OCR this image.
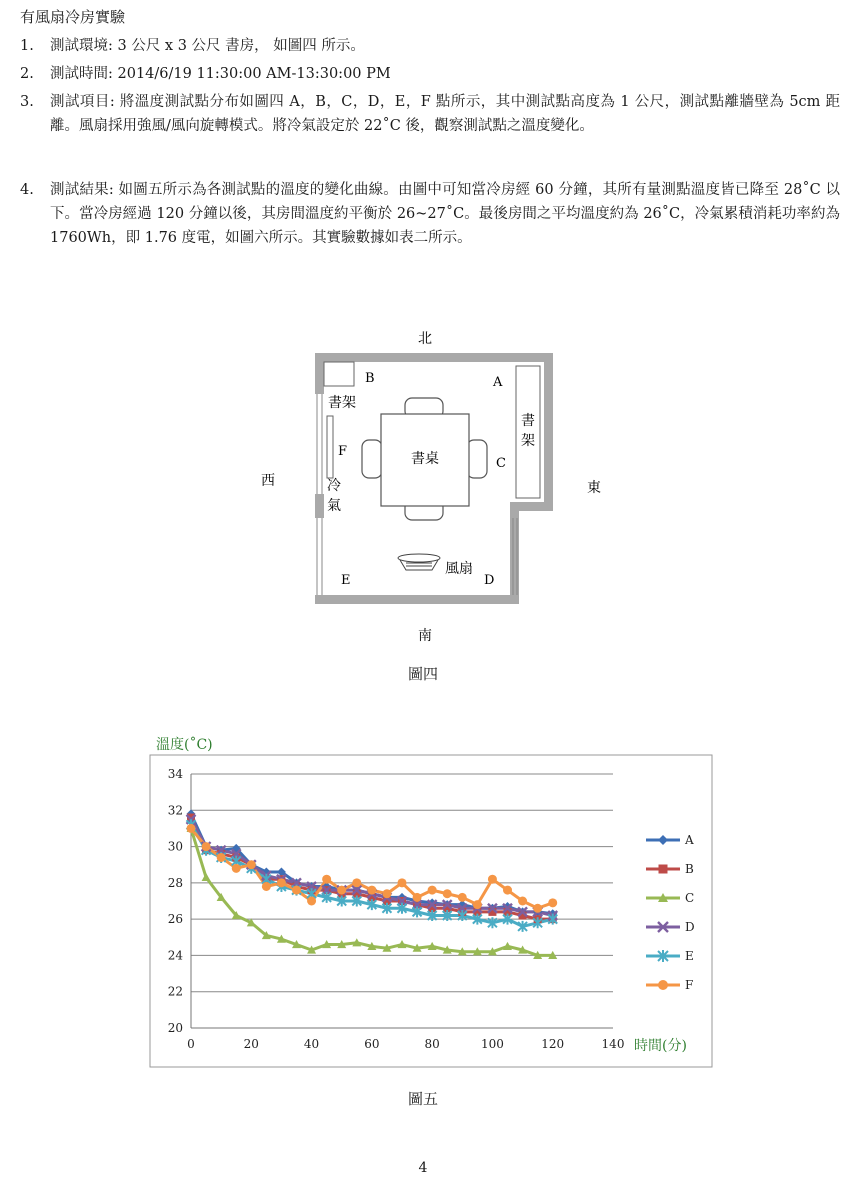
有風扇冷房實驗
1.	測試環境: 3 公尺 x 3 公尺 書房， 如圖四 所示。
2.	測試時間: 2014/6/19 11:30:00 AM-13:30:00 PM
3.	測試項目: 將溫度測試點分布如圖四 A，B，C，D，E，F 點所示，其中測試點高度為 1 公尺，測試點離牆壁為 5cm 距離。風扇採用強風/風向旋轉模式。將冷氣設定於 22˚C 後，觀察測試點之溫度變化。
4.	測試結果: 如圖五所示為各測試點的溫度的變化曲線。由圖中可知當冷房經 60 分鐘，其所有量測點溫度皆已降至 28˚C 以下。當冷房經過 120 分鐘以後，其房間溫度約平衡於 26~27˚C。最後房間之平均溫度約為 26˚C，冷氣累積消耗功率約為 1760Wh，即 1.76 度電，如圖六所示。其實驗數據如表二所示。
北
南
西	東
書桌
風扇
B	A
C
F
E	D
書架
書架
冷氣
圖四
溫度(˚C)
時間(分)
20
22
24
26
28
30
32
34
0	20	40	60	80	100	120	140
A
B
C
D
E
F
圖五
4
